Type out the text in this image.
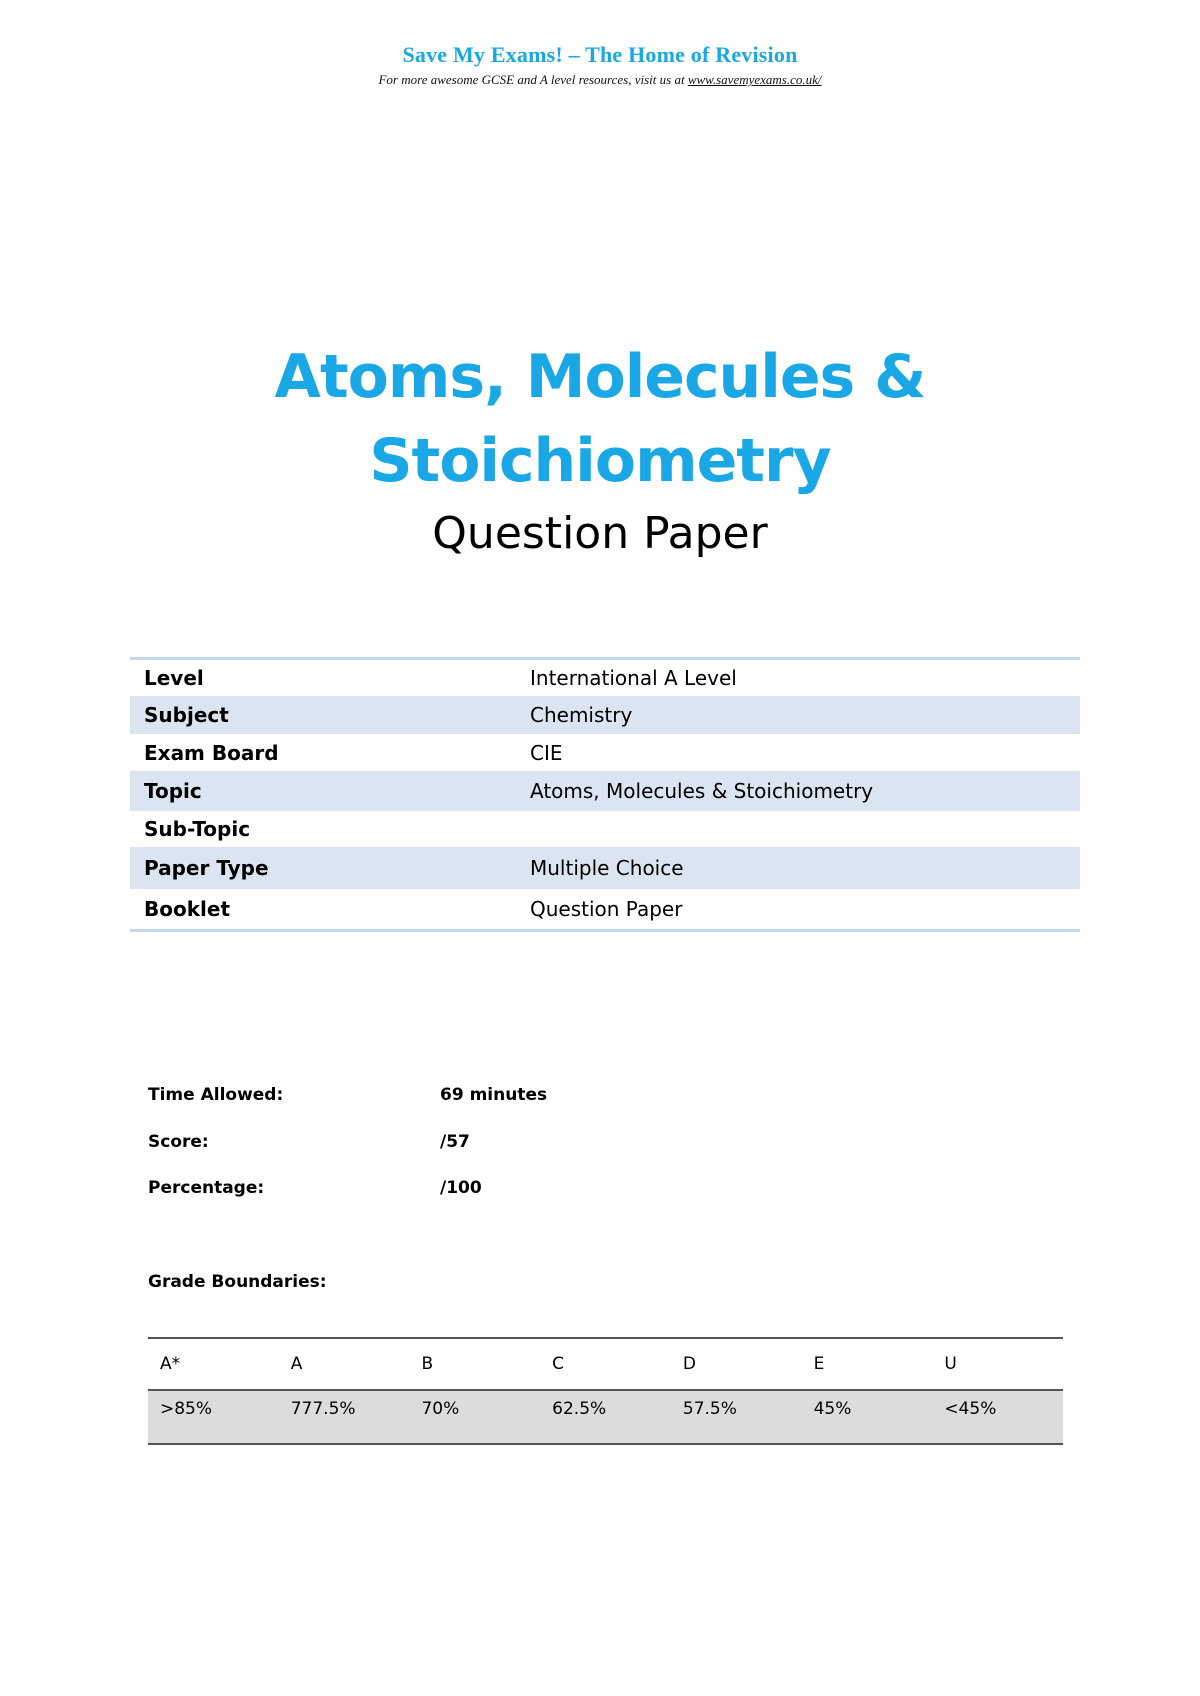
Save My Exams! – The Home of Revision
For more awesome GCSE and A level resources, visit us at www.savemyexams.co.uk/
Atoms, Molecules &
Stoichiometry
Question Paper
Level	International A Level
Subject	Chemistry
Exam Board	CIE
Topic	Atoms, Molecules & Stoichiometry
Sub-Topic
Paper Type	Multiple Choice
Booklet	Question Paper
Time Allowed:	69 minutes
Score:	/57
Percentage:	/100
Grade Boundaries:
A*	A	B	C	D	E	U
>85%	777.5%	70%	62.5%	57.5%	45%	<45%
